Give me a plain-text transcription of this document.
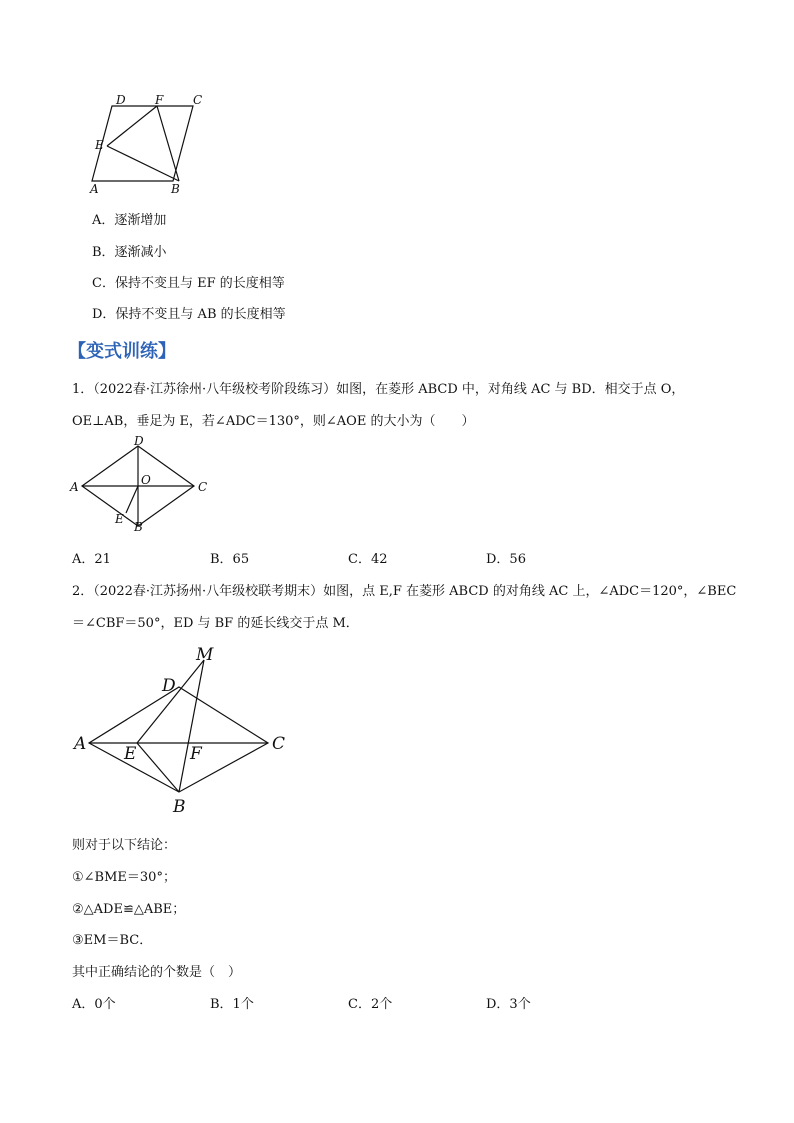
D F C
E
A	B
A．逐渐增加
B．逐渐减小
C．保持不变且与 EF 的长度相等
D．保持不变且与 AB 的长度相等
【变式训练】
1．（2022春·江苏徐州·八年级校考阶段练习）如图，在菱形 ABCD 中，对角线 AC 与 BD．相交于点 O，
OE⊥AB，垂足为 E，若∠ADC＝130°，则∠AOE 的大小为（　　）
D
A	O	C
E
B
A．21	B．65	C．42	D．56
2．（2022春·江苏扬州·八年级校联考期末）如图，点 E,F 在菱形 ABCD 的对角线 AC 上，∠ADC＝120°，∠BEC
＝∠CBF＝50°，ED 与 BF 的延长线交于点 M．
M
D
A E	F	C
B
则对于以下结论：
①∠BME＝30°；
②△ADE≌△ABE；
③EM＝BC．
其中正确结论的个数是（　）
A．0个	B．1个	C．2个	D．3个
